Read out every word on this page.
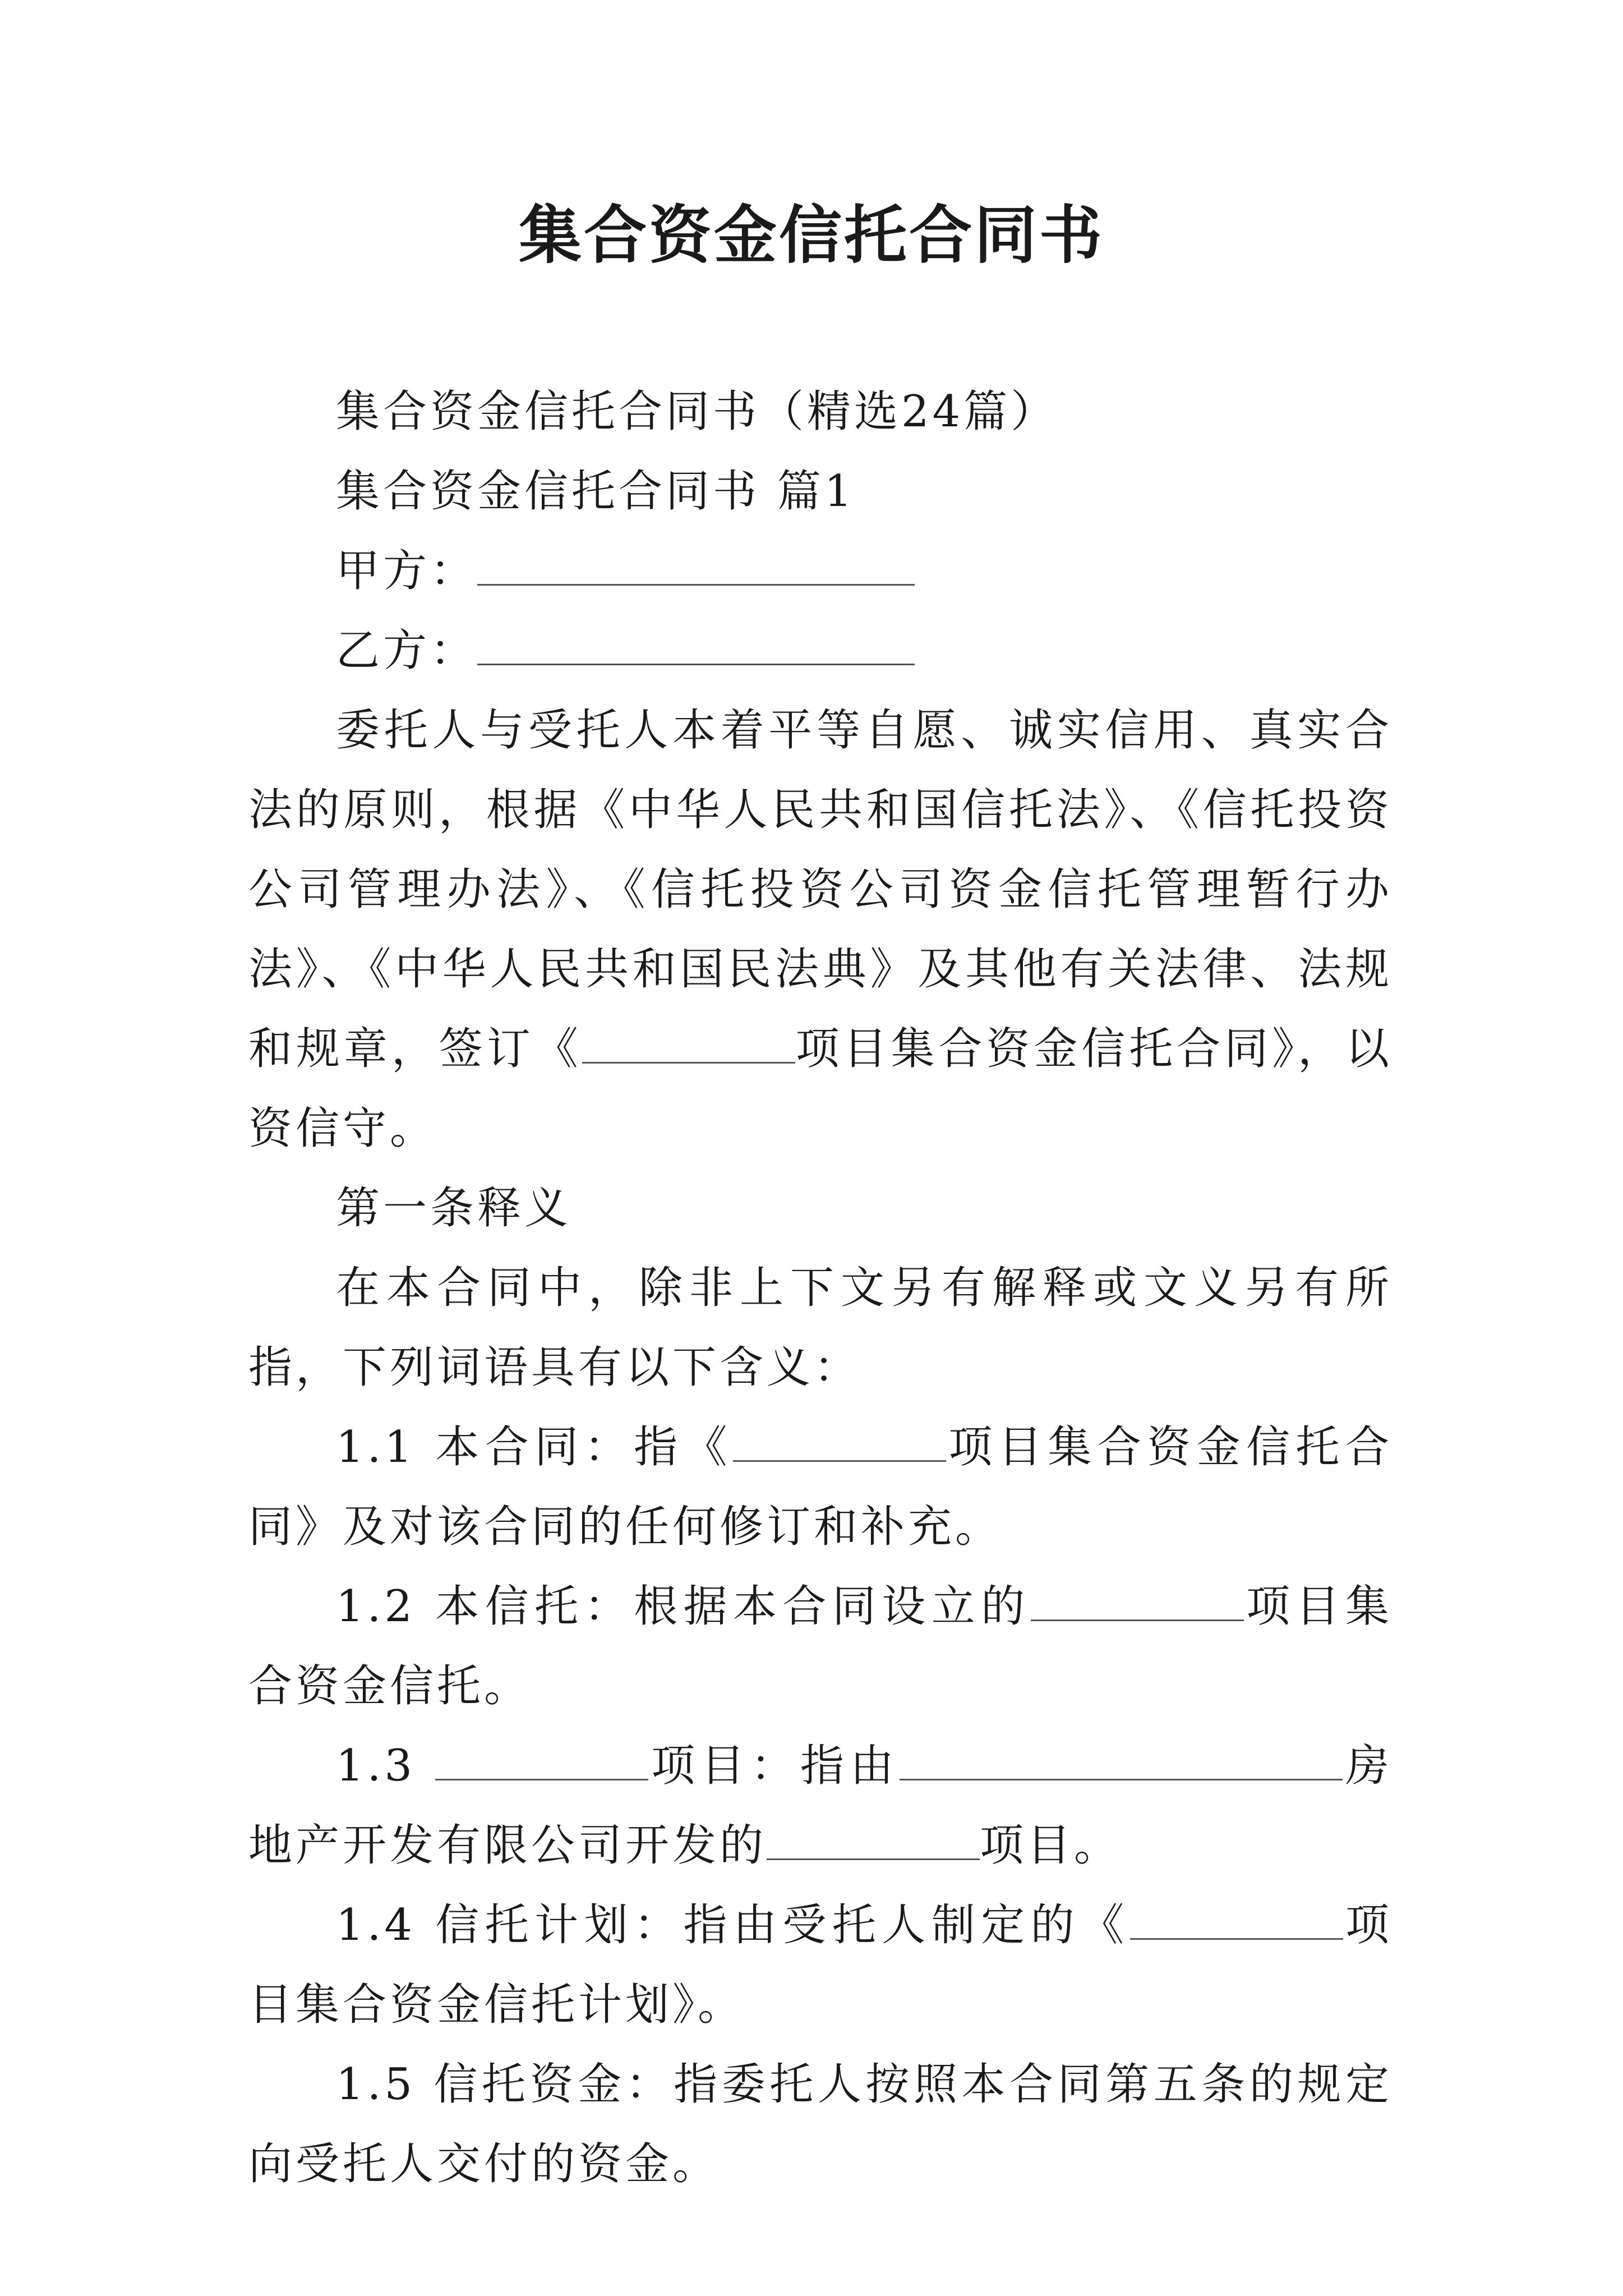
集合资金信托合同书

集合资金信托合同书（精选24篇）

集合资金信托合同书 篇1

甲方：

乙方：

委托人与受托人本着平等自愿、诚实信用、真实合法的原则，根据《中华人民共和国信托法》、《信托投资公司管理办法》、《信托投资公司资金信托管理暂行办法》、《中华人民共和国民法典》及其他有关法律、法规和规章，签订《	项目集合资金信托合同》，以资信守。

第一条释义

在本合同中，除非上下文另有解释或文义另有所指，下列词语具有以下含义：

1.1 本合同：指《	项目集合资金信托合同》及对该合同的任何修订和补充。

1.2 本信托：根据本合同设立的	项目集合资金信托。

1.3	项目：指由	房地产开发有限公司开发的	项目。

1.4 信托计划：指由受托人制定的《	项目集合资金信托计划》。

1.5 信托资金：指委托人按照本合同第五条的规定向受托人交付的资金。
